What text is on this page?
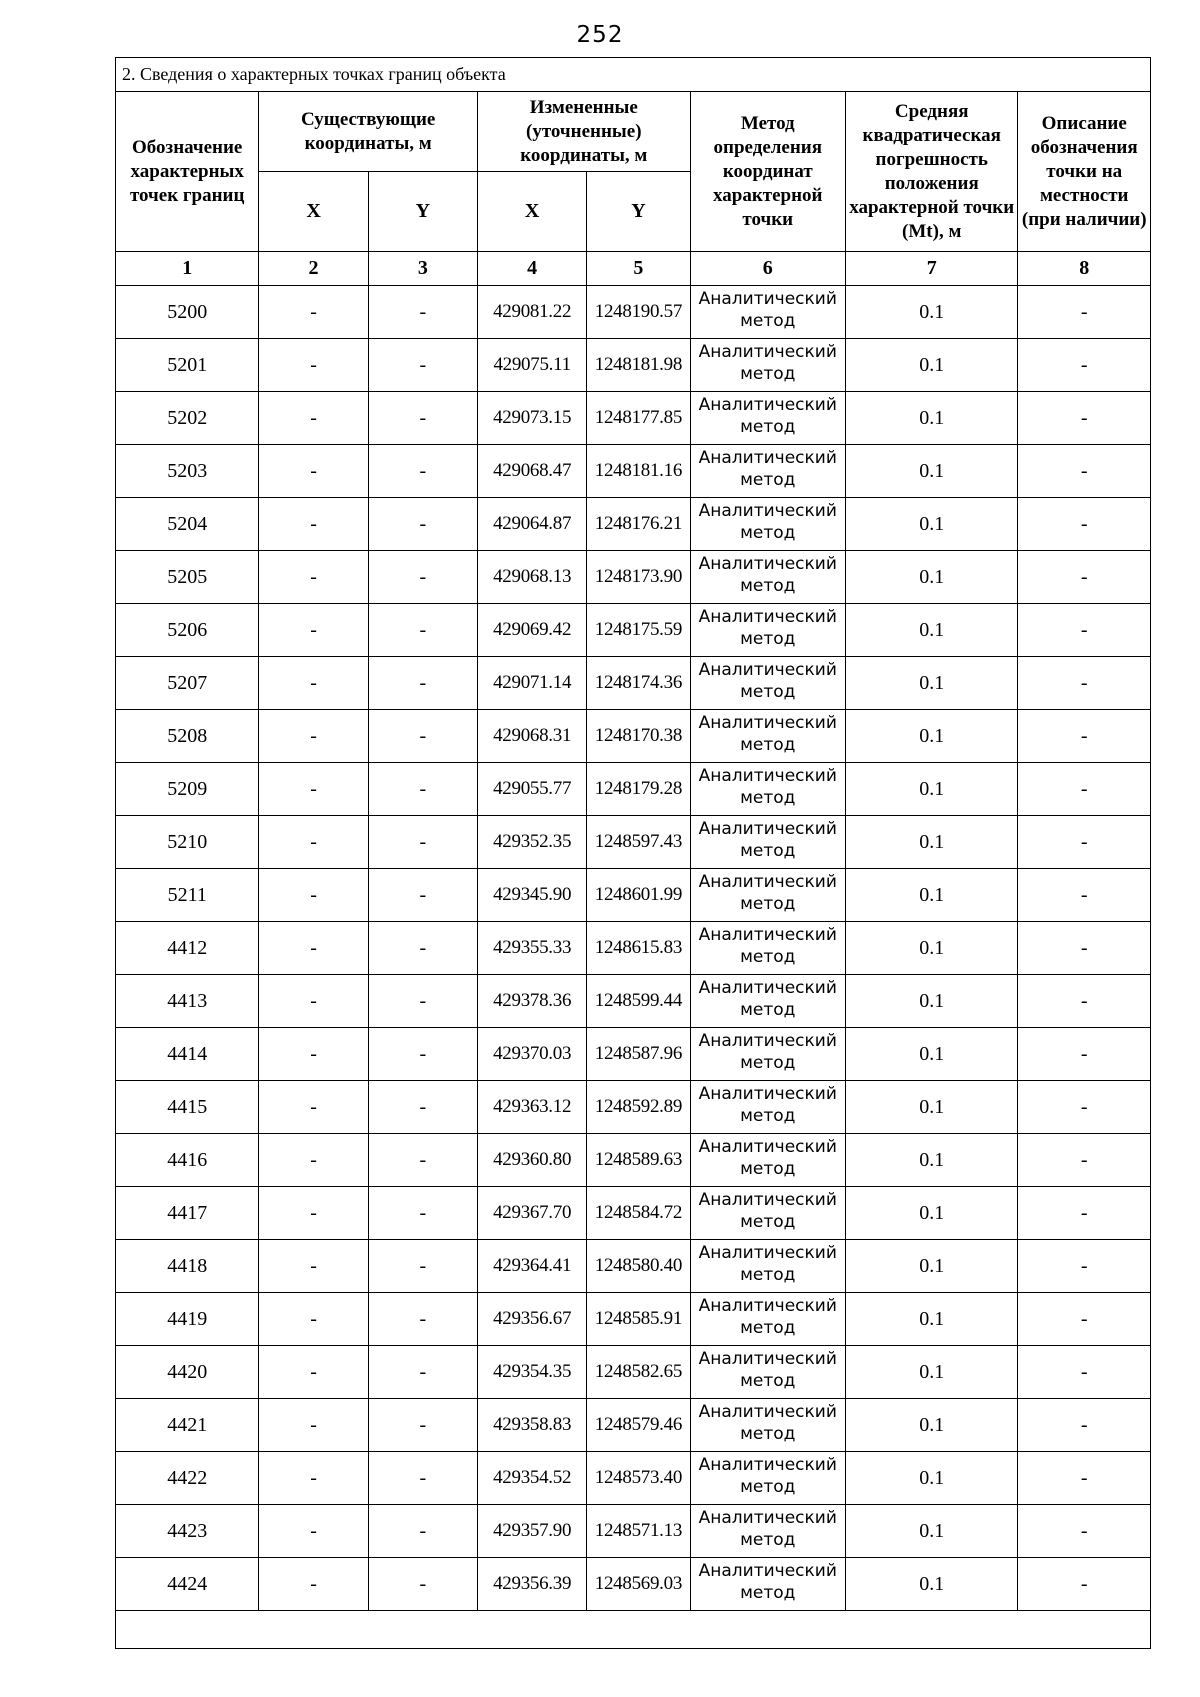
252
2. Сведения о характерных точках границ объекта							
Обозначение характерных точек границ	Существующие координаты, м		Измененные (уточненные) координаты, м		Метод определения координат характерной точки	Средняя квадратическая погрешность положения характерной точки (Mt), м	Описание обозначения точки на местности (при наличии)
	X	Y	X	Y			
1	2	3	4	5	6	7	8
5200	-	-	429081.22	1248190.57	Аналитический метод	0.1	-
5201	-	-	429075.11	1248181.98	Аналитический метод	0.1	-
5202	-	-	429073.15	1248177.85	Аналитический метод	0.1	-
5203	-	-	429068.47	1248181.16	Аналитический метод	0.1	-
5204	-	-	429064.87	1248176.21	Аналитический метод	0.1	-
5205	-	-	429068.13	1248173.90	Аналитический метод	0.1	-
5206	-	-	429069.42	1248175.59	Аналитический метод	0.1	-
5207	-	-	429071.14	1248174.36	Аналитический метод	0.1	-
5208	-	-	429068.31	1248170.38	Аналитический метод	0.1	-
5209	-	-	429055.77	1248179.28	Аналитический метод	0.1	-
5210	-	-	429352.35	1248597.43	Аналитический метод	0.1	-
5211	-	-	429345.90	1248601.99	Аналитический метод	0.1	-
4412	-	-	429355.33	1248615.83	Аналитический метод	0.1	-
4413	-	-	429378.36	1248599.44	Аналитический метод	0.1	-
4414	-	-	429370.03	1248587.96	Аналитический метод	0.1	-
4415	-	-	429363.12	1248592.89	Аналитический метод	0.1	-
4416	-	-	429360.80	1248589.63	Аналитический метод	0.1	-
4417	-	-	429367.70	1248584.72	Аналитический метод	0.1	-
4418	-	-	429364.41	1248580.40	Аналитический метод	0.1	-
4419	-	-	429356.67	1248585.91	Аналитический метод	0.1	-
4420	-	-	429354.35	1248582.65	Аналитический метод	0.1	-
4421	-	-	429358.83	1248579.46	Аналитический метод	0.1	-
4422	-	-	429354.52	1248573.40	Аналитический метод	0.1	-
4423	-	-	429357.90	1248571.13	Аналитический метод	0.1	-
4424	-	-	429356.39	1248569.03	Аналитический метод	0.1	-
